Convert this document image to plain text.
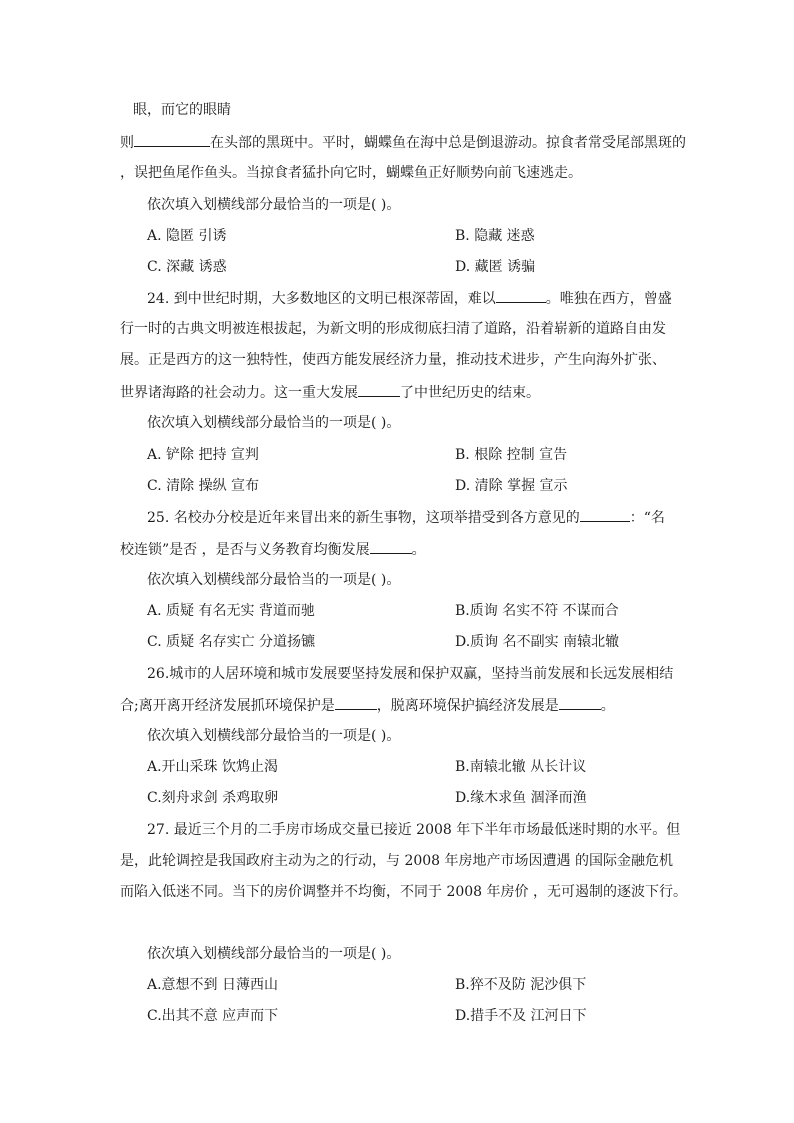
眼，而它的眼睛
则	在头部的黑斑中。平时，蝴蝶鱼在海中总是倒退游动。掠食者常受尾部黑斑的
，误把鱼尾作鱼头。当掠食者猛扑向它时，蝴蝶鱼正好顺势向前飞速逃走。
依次填入划横线部分最恰当的一项是( )。
A. 隐匿 引诱	B. 隐藏 迷惑
C. 深藏 诱惑	D. 藏匿 诱骗
24. 到中世纪时期，大多数地区的文明已根深蒂固，难以	。唯独在西方，曾盛
行一时的古典文明被连根拔起，为新文明的形成彻底扫清了道路，沿着崭新的道路自由发
展。正是西方的这一独特性，使西方能发展经济力量，推动技术进步，产生向海外扩张、
世界诸海路的社会动力。这一重大发展	了中世纪历史的结束。
依次填入划横线部分最恰当的一项是( )。
A. 铲除 把持 宣判	B. 根除 控制 宣告
C. 清除 操纵 宣布	D. 清除 掌握 宣示
25. 名校办分校是近年来冒出来的新生事物，这项举措受到各方意见的	：“名
校连锁”是否 ，是否与义务教育均衡发展	。
依次填入划横线部分最恰当的一项是( )。
A. 质疑 有名无实 背道而驰	B.质询 名实不符 不谋而合
C. 质疑 名存实亡 分道扬镳	D.质询 名不副实 南辕北辙
26.城市的人居环境和城市发展要坚持发展和保护双赢，坚持当前发展和长远发展相结
合;离开离开经济发展抓环境保护是	，脱离环境保护搞经济发展是	。
依次填入划横线部分最恰当的一项是( )。
A.开山采珠 饮鸩止渴	B.南辕北辙 从长计议
C.刻舟求剑 杀鸡取卵	D.缘木求鱼 涸泽而渔
27. 最近三个月的二手房市场成交量已接近 2008 年下半年市场最低迷时期的水平。但
是，此轮调控是我国政府主动为之的行动，与 2008 年房地产市场因遭遇 的国际金融危机
而陷入低迷不同。当下的房价调整并不均衡，不同于 2008 年房价 ，无可遏制的逐波下行。
依次填入划横线部分最恰当的一项是( )。
A.意想不到 日薄西山	B.猝不及防 泥沙俱下
C.出其不意 应声而下	D.措手不及 江河日下
